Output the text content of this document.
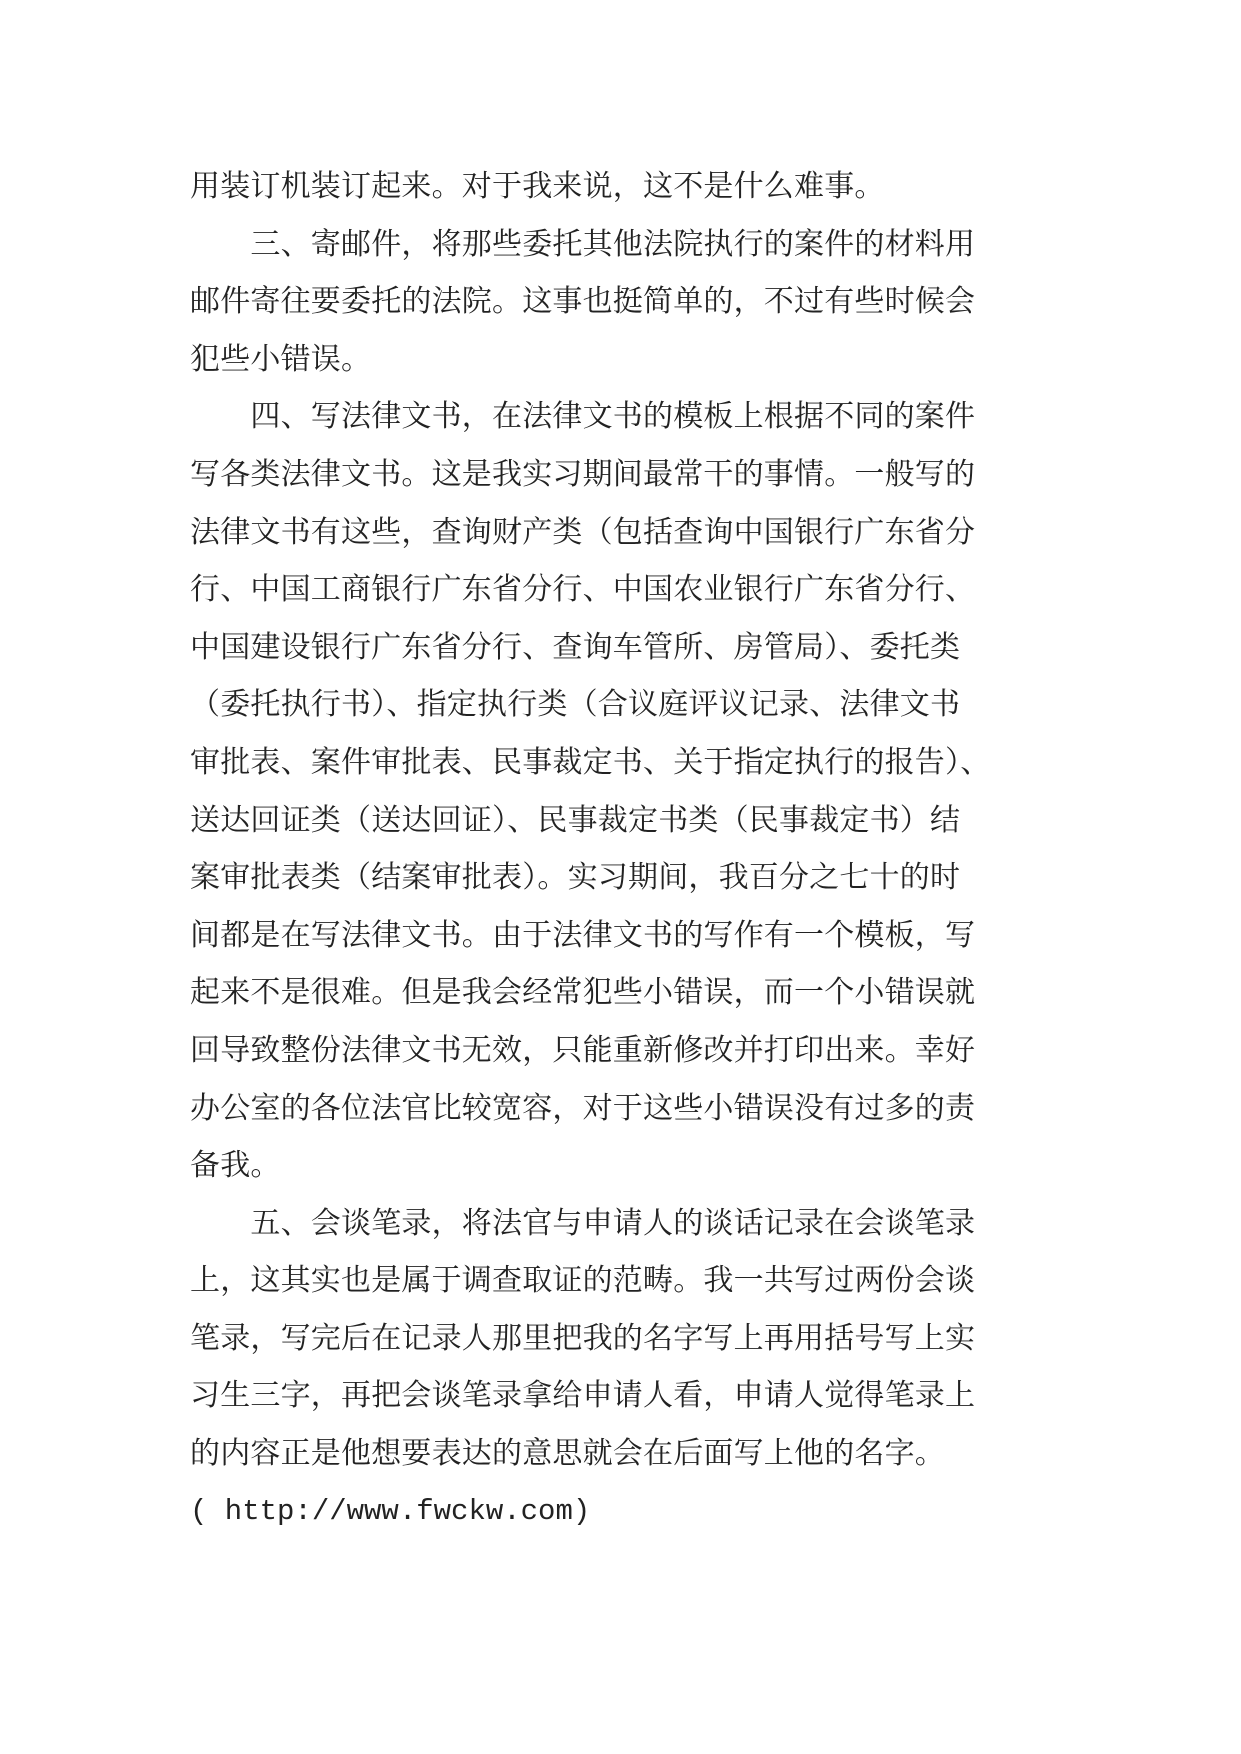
用装订机装订起来。对于我来说，这不是什么难事。
　　三、寄邮件，将那些委托其他法院执行的案件的材料用
邮件寄往要委托的法院。这事也挺简单的，不过有些时候会
犯些小错误。
　　四、写法律文书，在法律文书的模板上根据不同的案件
写各类法律文书。这是我实习期间最常干的事情。一般写的
法律文书有这些，查询财产类（包括查询中国银行广东省分
行、中国工商银行广东省分行、中国农业银行广东省分行、
中国建设银行广东省分行、查询车管所、房管局）、委托类
（委托执行书）、指定执行类（合议庭评议记录、法律文书
审批表、案件审批表、民事裁定书、关于指定执行的报告）、
送达回证类（送达回证）、民事裁定书类（民事裁定书）结
案审批表类（结案审批表）。实习期间，我百分之七十的时
间都是在写法律文书。由于法律文书的写作有一个模板，写
起来不是很难。但是我会经常犯些小错误，而一个小错误就
回导致整份法律文书无效，只能重新修改并打印出来。幸好
办公室的各位法官比较宽容，对于这些小错误没有过多的责
备我。
　　五、会谈笔录，将法官与申请人的谈话记录在会谈笔录
上，这其实也是属于调查取证的范畴。我一共写过两份会谈
笔录，写完后在记录人那里把我的名字写上再用括号写上实
习生三字，再把会谈笔录拿给申请人看，申请人觉得笔录上
的内容正是他想要表达的意思就会在后面写上他的名字。
( http://www.fwckw.com)
